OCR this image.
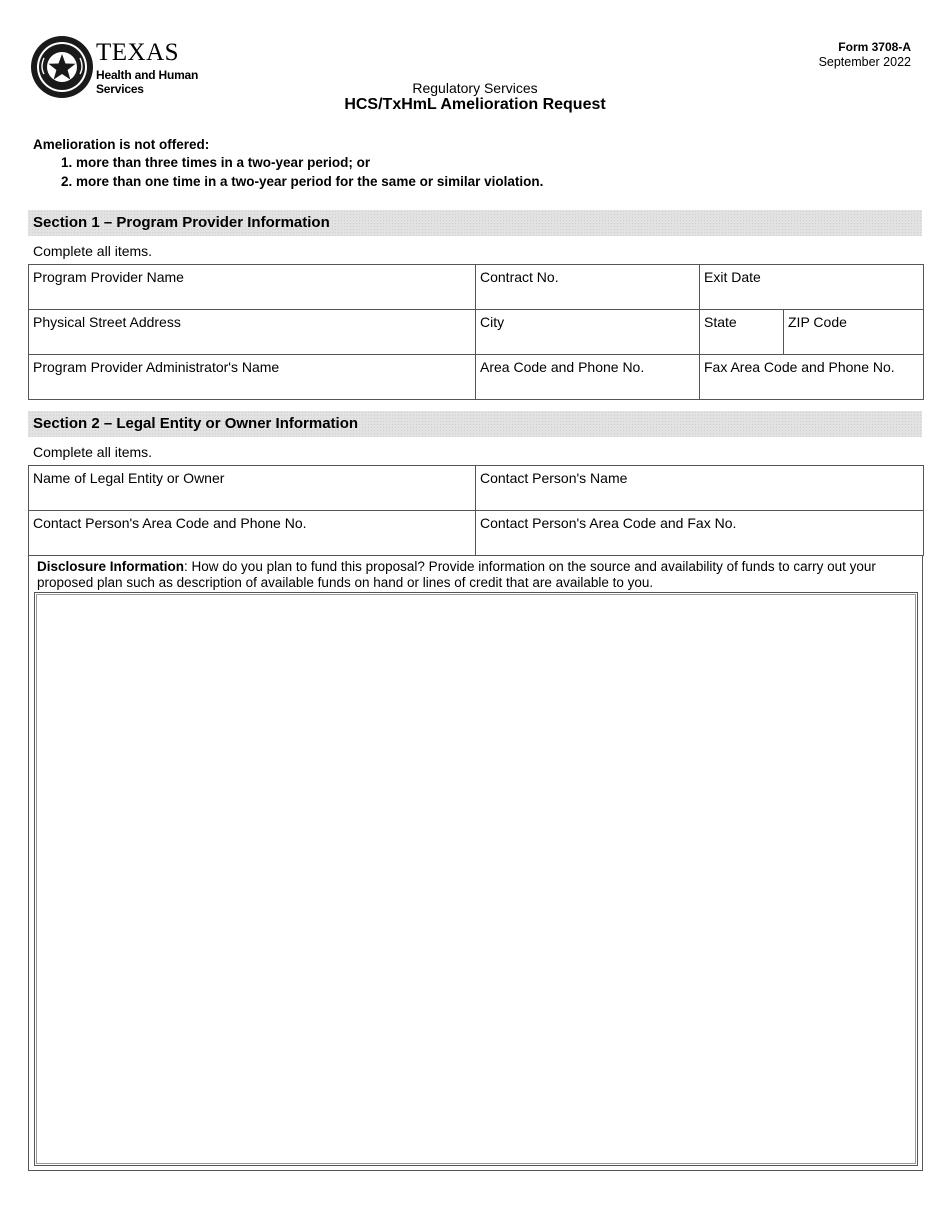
TEXAS
Health and Human
Services
Form 3708-A
September 2022
Regulatory Services
HCS/TxHmL Amelioration Request
Amelioration is not offered:
1. more than three times in a two-year period; or
2. more than one time in a two-year period for the same or similar violation.
Section 1 – Program Provider Information
Complete all items.
Program Provider Name	Contract No.	Exit Date	
Physical Street Address	City	State	ZIP Code
Program Provider Administrator's Name	Area Code and Phone No.	Fax Area Code and Phone No.	
Section 2 – Legal Entity or Owner Information
Complete all items.
Name of Legal Entity or Owner	Contact Person's Name
Contact Person's Area Code and Phone No.	Contact Person's Area Code and Fax No.
Disclosure Information: How do you plan to fund this proposal? Provide information on the source and availability of funds to carry out your proposed plan such as description of available funds on hand or lines of credit that are available to you.
